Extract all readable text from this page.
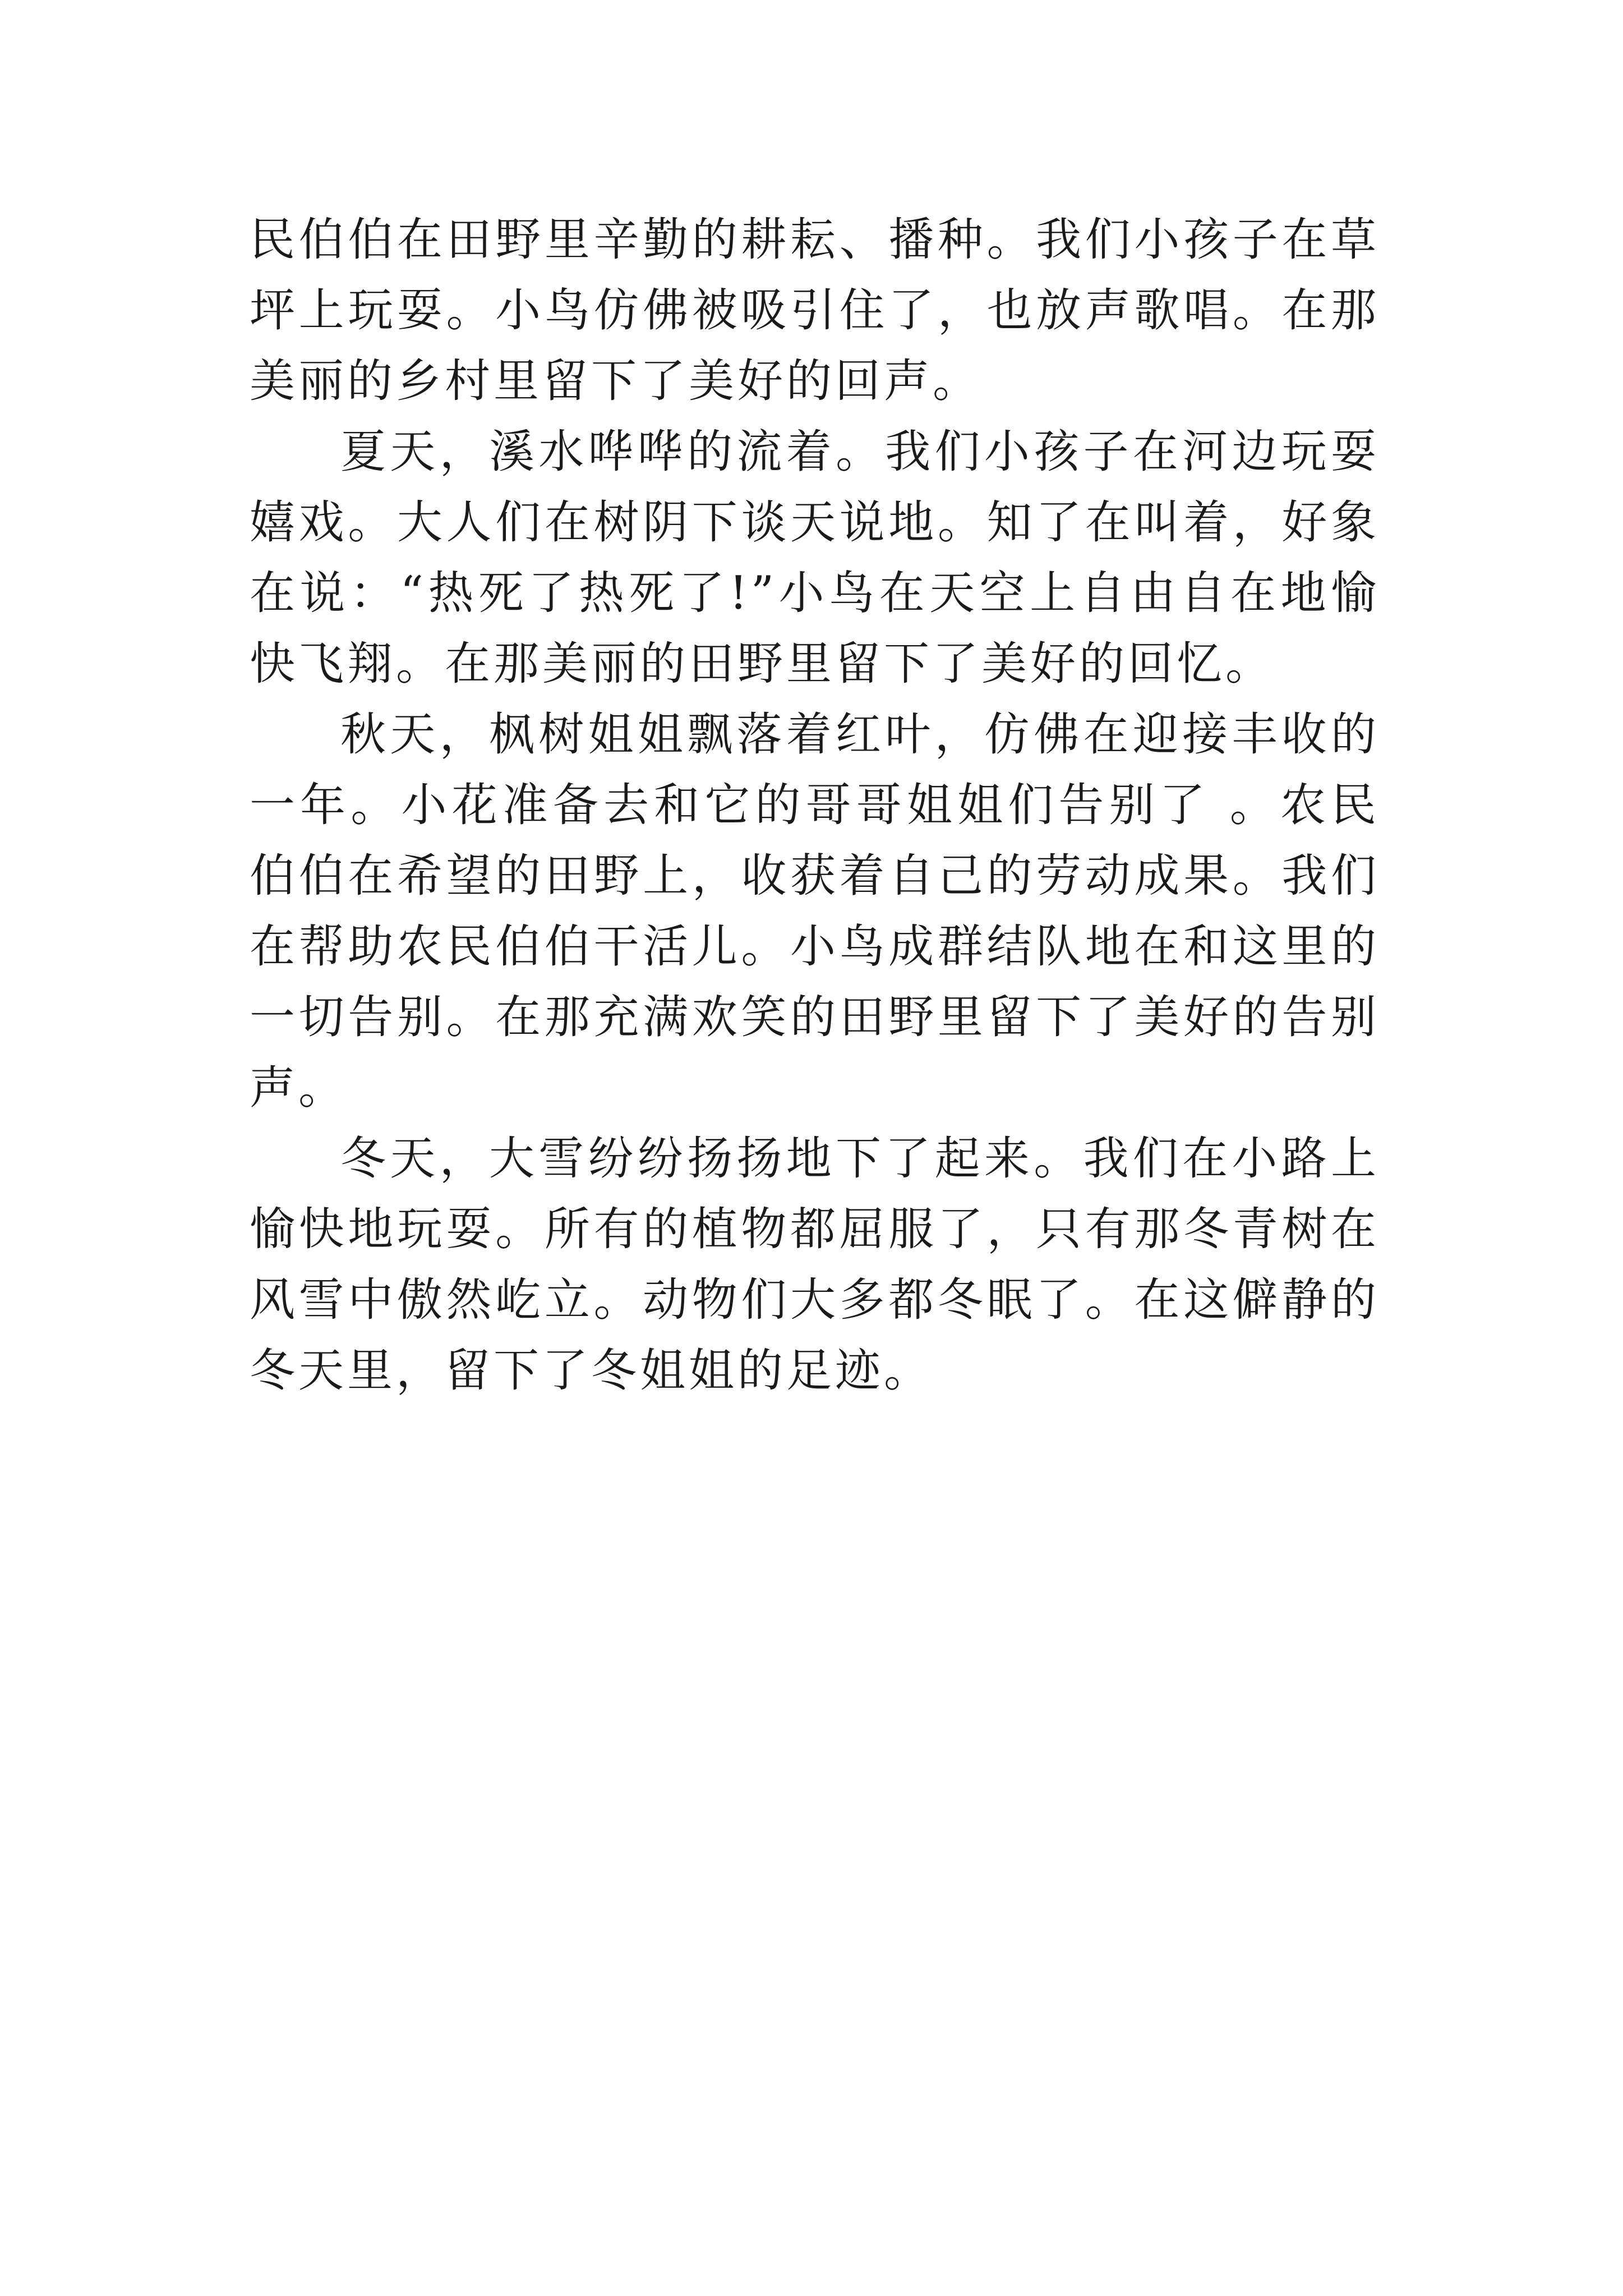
民伯伯在田野里辛勤的耕耘、播种。我们小孩子在草坪上玩耍。小鸟仿佛被吸引住了，也放声歌唱。在那美丽的乡村里留下了美好的回声。

夏天，溪水哗哗的流着。我们小孩子在河边玩耍嬉戏。大人们在树阴下谈天说地。知了在叫着，好象在说：“热死了热死了!”小鸟在天空上自由自在地愉快飞翔。在那美丽的田野里留下了美好的回忆。

秋天，枫树姐姐飘落着红叶，仿佛在迎接丰收的一年。小花准备去和它的哥哥姐姐们告别了 。农民伯伯在希望的田野上，收获着自己的劳动成果。我们在帮助农民伯伯干活儿。小鸟成群结队地在和这里的一切告别。在那充满欢笑的田野里留下了美好的告别声。

冬天，大雪纷纷扬扬地下了起来。我们在小路上愉快地玩耍。所有的植物都屈服了，只有那冬青树在风雪中傲然屹立。动物们大多都冬眠了。在这僻静的冬天里，留下了冬姐姐的足迹。
